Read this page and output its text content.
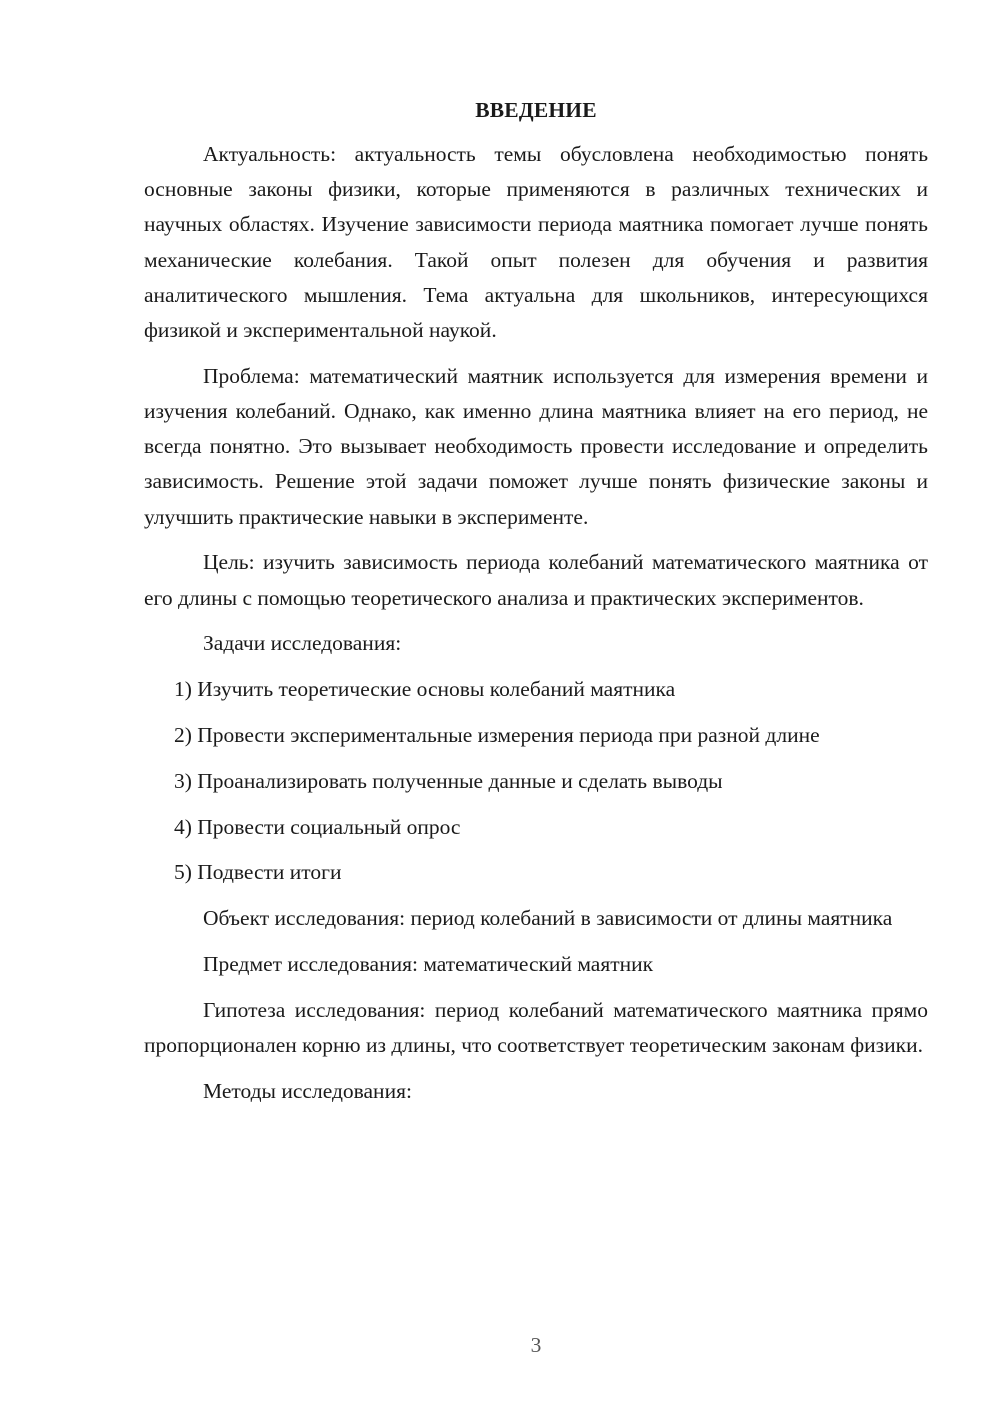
ВВЕДЕНИЕ

Актуальность: актуальность темы обусловлена необходимостью понять основные законы физики, которые применяются в различных технических и научных областях. Изучение зависимости периода маятника помогает лучше понять механические колебания. Такой опыт полезен для обучения и развития аналитического мышления. Тема актуальна для школьников, интересующихся физикой и экспериментальной наукой.

Проблема: математический маятник используется для измерения времени и изучения колебаний. Однако, как именно длина маятника влияет на его период, не всегда понятно. Это вызывает необходимость провести исследование и определить зависимость. Решение этой задачи поможет лучше понять физические законы и улучшить практические навыки в эксперименте.

Цель: изучить зависимость периода колебаний математического маятника от его длины с помощью теоретического анализа и практических экспериментов.

Задачи исследования:

1) Изучить теоретические основы колебаний маятника
2) Провести экспериментальные измерения периода при разной длине
3) Проанализировать полученные данные и сделать выводы
4) Провести социальный опрос
5) Подвести итоги

Объект исследования: период колебаний в зависимости от длины маятника

Предмет исследования: математический маятник

Гипотеза исследования: период колебаний математического маятника прямо пропорционален корню из длины, что соответствует теоретическим законам физики.

Методы исследования:

3
